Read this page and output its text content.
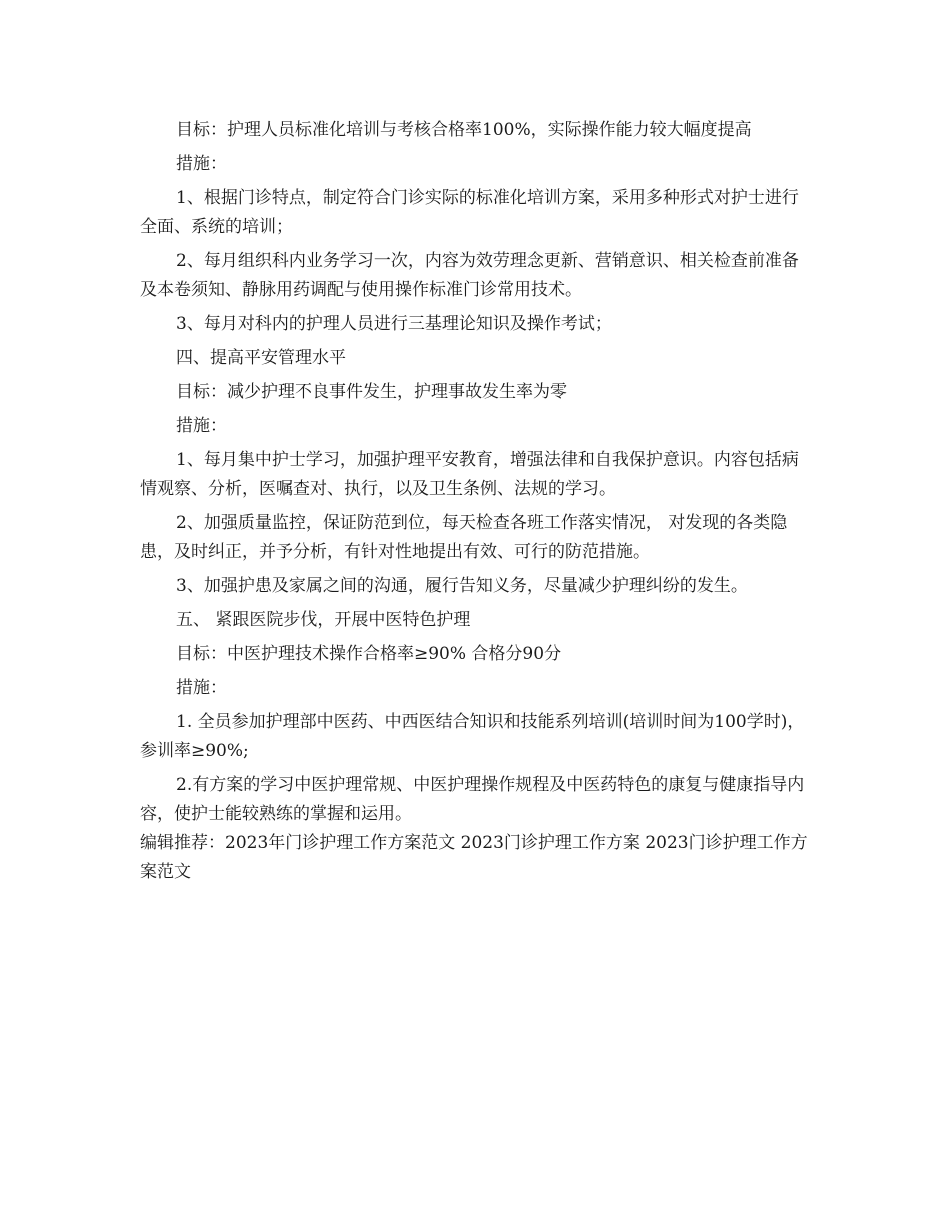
目标：护理人员标准化培训与考核合格率100%，实际操作能力较大幅度提高

措施：

1、根据门诊特点，制定符合门诊实际的标准化培训方案，采用多种形式对护士进行全面、系统的培训；

2、每月组织科内业务学习一次，内容为效劳理念更新、营销意识、相关检查前准备及本卷须知、静脉用药调配与使用操作标准门诊常用技术。

3、每月对科内的护理人员进行三基理论知识及操作考试；

四、提高平安管理水平

目标：减少护理不良事件发生，护理事故发生率为零

措施：

1、每月集中护士学习，加强护理平安教育，增强法律和自我保护意识。内容包括病情观察、分析，医嘱查对、执行，以及卫生条例、法规的学习。

2、加强质量监控，保证防范到位，每天检查各班工作落实情况， 对发现的各类隐患，及时纠正，并予分析，有针对性地提出有效、可行的防范措施。

3、加强护患及家属之间的沟通，履行告知义务，尽量减少护理纠纷的发生。

五、 紧跟医院步伐，开展中医特色护理

目标：中医护理技术操作合格率≥90% 合格分90分

措施：

1. 全员参加护理部中医药、中西医结合知识和技能系列培训(培训时间为100学时)，参训率≥90%;

2.有方案的学习中医护理常规、中医护理操作规程及中医药特色的康复与健康指导内容，使护士能较熟练的掌握和运用。

编辑推荐：2023年门诊护理工作方案范文 2023门诊护理工作方案 2023门诊护理工作方案范文
